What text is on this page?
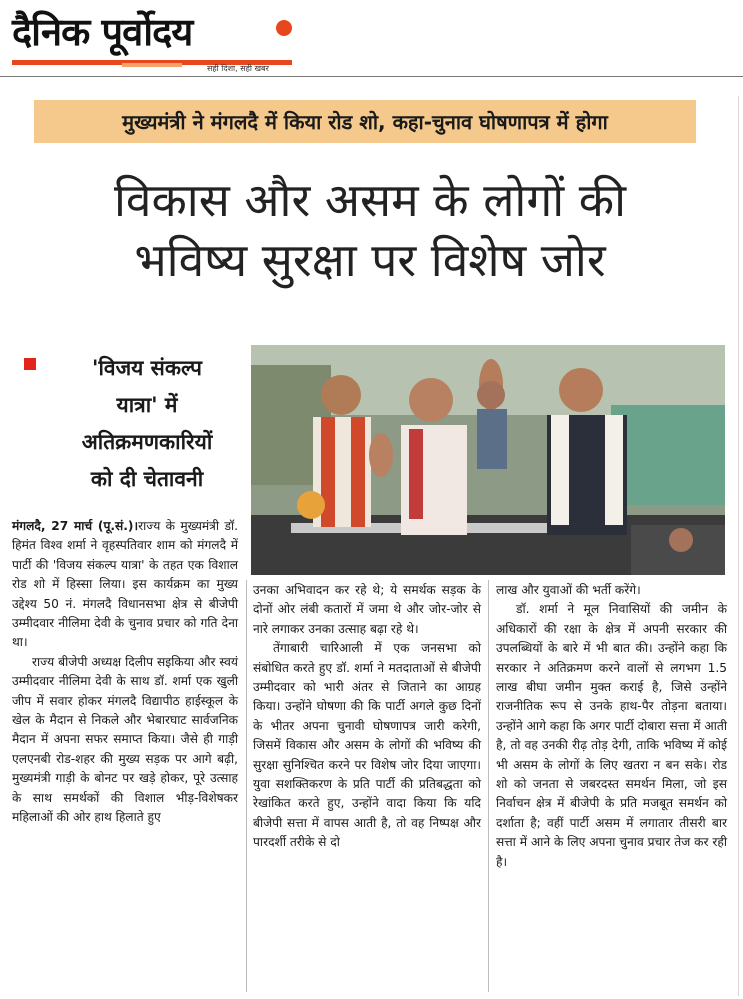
दैनिक पूर्वोदय
सही दिशा, सही खबर
मुख्यमंत्री ने मंगलदै में किया रोड शो, कहा-चुनाव घोषणापत्र में होगा
विकास और असम के लोगों की
भविष्य सुरक्षा पर विशेष जोर
'विजय संकल्प
यात्रा' में
अतिक्रमणकारियों
को दी चेतावनी

मंगलदै, 27 मार्च (पू.सं.)।राज्य के मुख्यमंत्री डॉ. हिमंत विश्व शर्मा ने वृहस्पतिवार शाम को मंगलदै में पार्टी की 'विजय संकल्प यात्रा' के तहत एक विशाल रोड शो में हिस्सा लिया। इस कार्यक्रम का मुख्य उद्देश्य 50 नं. मंगलदै विधानसभा क्षेत्र से बीजेपी उम्मीदवार नीलिमा देवी के चुनाव प्रचार को गति देना था।

राज्य बीजेपी अध्यक्ष दिलीप सइकिया और स्वयं उम्मीदवार नीलिमा देवी के साथ डॉ. शर्मा एक खुली जीप में सवार होकर मंगलदै विद्यापीठ हाईस्कूल के खेल के मैदान से निकले और भेबारघाट सार्वजनिक मैदान में अपना सफर समाप्त किया। जैसे ही गाड़ी एलएनबी रोड-शहर की मुख्य सड़क पर आगे बढ़ी, मुख्यमंत्री गाड़ी के बोनट पर खड़े होकर, पूरे उत्साह के साथ समर्थकों की विशाल भीड़-विशेषकर महिलाओं की ओर हाथ हिलाते हुए

उनका अभिवादन कर रहे थे; ये समर्थक सड़क के दोनों ओर लंबी कतारों में जमा थे और जोर-जोर से नारे लगाकर उनका उत्साह बढ़ा रहे थे।

तेंगाबारी चारिआली में एक जनसभा को संबोधित करते हुए डॉ. शर्मा ने मतदाताओं से बीजेपी उम्मीदवार को भारी अंतर से जिताने का आग्रह किया। उन्होंने घोषणा की कि पार्टी अगले कुछ दिनों के भीतर अपना चुनावी घोषणापत्र जारी करेगी, जिसमें विकास और असम के लोगों की भविष्य की सुरक्षा सुनिश्चित करने पर विशेष जोर दिया जाएगा। युवा सशक्तिकरण के प्रति पार्टी की प्रतिबद्धता को रेखांकित करते हुए, उन्होंने वादा किया कि यदि बीजेपी सत्ता में वापस आती है, तो वह निष्पक्ष और पारदर्शी तरीके से दो

लाख और युवाओं की भर्ती करेंगे।

डॉ. शर्मा ने मूल निवासियों की जमीन के अधिकारों की रक्षा के क्षेत्र में अपनी सरकार की उपलब्धियों के बारे में भी बात की। उन्होंने कहा कि सरकार ने अतिक्रमण करने वालों से लगभग 1.5 लाख बीघा जमीन मुक्त कराई है, जिसे उन्होंने राजनीतिक रूप से उनके हाथ-पैर तोड़ना बताया। उन्होंने आगे कहा कि अगर पार्टी दोबारा सत्ता में आती है, तो वह उनकी रीढ़ तोड़ देगी, ताकि भविष्य में कोई भी असम के लोगों के लिए खतरा न बन सके। रोड शो को जनता से जबरदस्त समर्थन मिला, जो इस निर्वाचन क्षेत्र में बीजेपी के प्रति मजबूत समर्थन को दर्शाता है; वहीं पार्टी असम में लगातार तीसरी बार सत्ता में आने के लिए अपना चुनाव प्रचार तेज कर रही है।
